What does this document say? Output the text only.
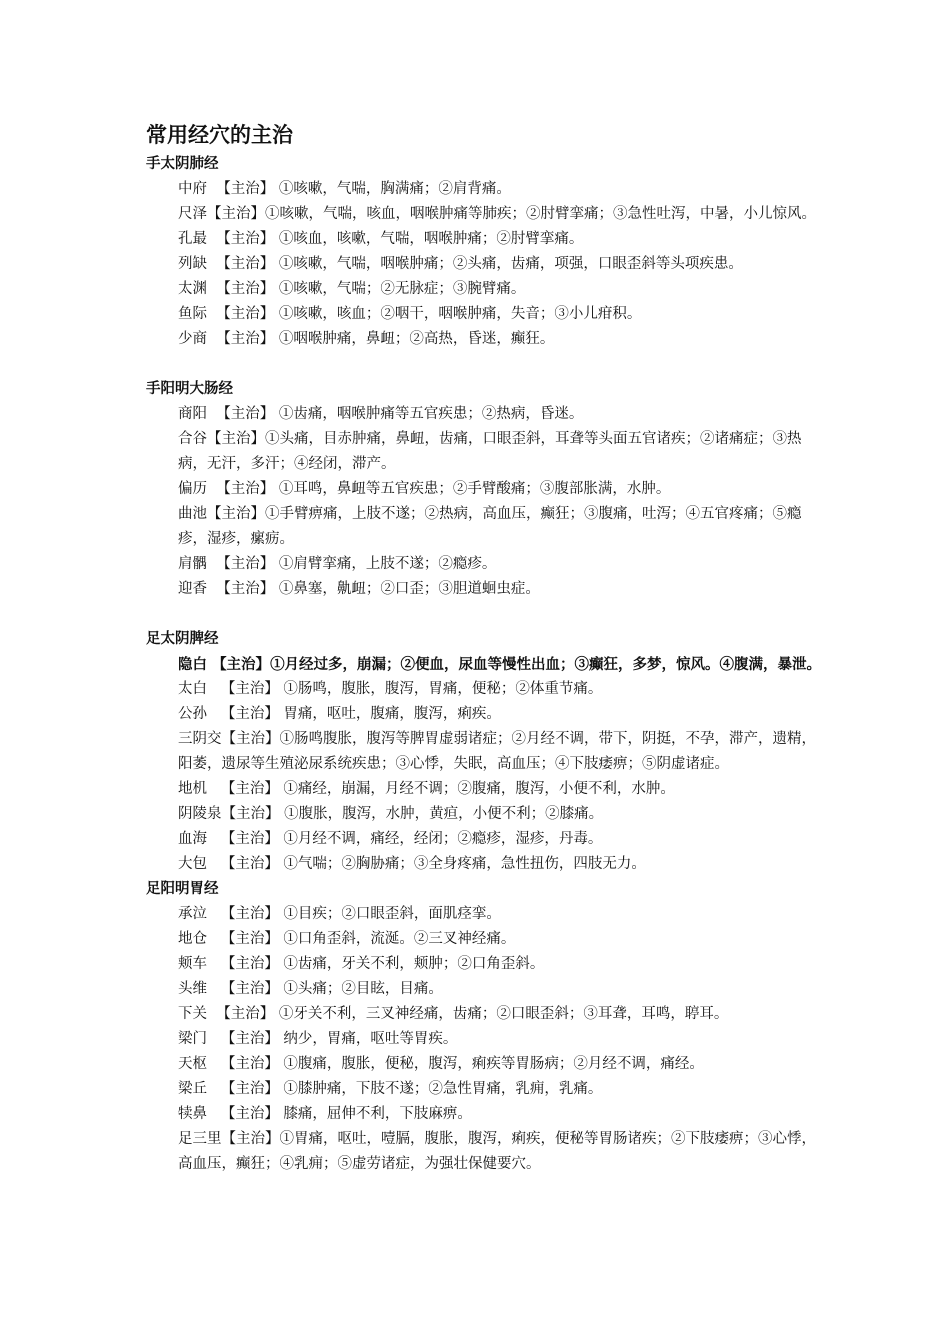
常用经穴的主治
手太阴肺经
中府 【主治】 ①咳嗽，气喘，胸满痛；②肩背痛。
尺泽【主治】①咳嗽，气喘，咳血，咽喉肿痛等肺疾；②肘臂挛痛；③急性吐泻，中暑，小儿惊风。
孔最 【主治】 ①咳血，咳嗽，气喘，咽喉肿痛；②肘臂挛痛。
列缺 【主治】 ①咳嗽，气喘，咽喉肿痛；②头痛，齿痛，项强，口眼歪斜等头项疾患。
太渊 【主治】 ①咳嗽，气喘；②无脉症；③腕臂痛。
鱼际 【主治】 ①咳嗽，咳血；②咽干，咽喉肿痛，失音；③小儿疳积。
少商 【主治】 ①咽喉肿痛，鼻衄；②高热，昏迷，癫狂。
手阳明大肠经
商阳 【主治】 ①齿痛，咽喉肿痛等五官疾患；②热病，昏迷。
合谷【主治】①头痛，目赤肿痛，鼻衄，齿痛，口眼歪斜，耳聋等头面五官诸疾；②诸痛症；③热病，无汗，多汗；④经闭，滞产。
偏历 【主治】 ①耳鸣，鼻衄等五官疾患；②手臂酸痛；③腹部胀满，水肿。
曲池【主治】①手臂痹痛，上肢不遂；②热病，高血压，癫狂；③腹痛，吐泻；④五官疼痛；⑤瘾疹，湿疹，瘰疬。
肩髃 【主治】 ①肩臂挛痛，上肢不遂；②瘾疹。
迎香 【主治】 ①鼻塞，鼽衄；②口歪；③胆道蛔虫症。
足太阴脾经
隐白 【主治】①月经过多，崩漏；②便血，尿血等慢性出血；③癫狂，多梦，惊风。④腹满，暴泄。
太白 【主治】 ①肠鸣，腹胀，腹泻，胃痛，便秘；②体重节痛。
公孙 【主治】 胃痛，呕吐，腹痛，腹泻，痢疾。
三阴交【主治】①肠鸣腹胀，腹泻等脾胃虚弱诸症；②月经不调，带下，阴挺，不孕，滞产，遗精，阳萎，遗尿等生殖泌尿系统疾患；③心悸，失眠，高血压；④下肢痿痹；⑤阴虚诸症。
地机 【主治】 ①痛经，崩漏，月经不调；②腹痛，腹泻，小便不利，水肿。
阴陵泉【主治】 ①腹胀，腹泻，水肿，黄疸，小便不利；②膝痛。
血海 【主治】 ①月经不调，痛经，经闭；②瘾疹，湿疹，丹毒。
大包 【主治】 ①气喘；②胸胁痛；③全身疼痛，急性扭伤，四肢无力。
足阳明胃经
承泣 【主治】 ①目疾；②口眼歪斜，面肌痉挛。
地仓 【主治】 ①口角歪斜，流涎。②三叉神经痛。
颊车 【主治】 ①齿痛，牙关不利，颊肿；②口角歪斜。
头维 【主治】 ①头痛；②目眩，目痛。
下关 【主治】 ①牙关不利，三叉神经痛，齿痛；②口眼歪斜；③耳聋，耳鸣，聤耳。
梁门 【主治】 纳少，胃痛，呕吐等胃疾。
天枢 【主治】 ①腹痛，腹胀，便秘，腹泻，痢疾等胃肠病；②月经不调，痛经。
梁丘 【主治】 ①膝肿痛，下肢不遂；②急性胃痛，乳痈，乳痛。
犊鼻 【主治】 膝痛，屈伸不利，下肢麻痹。
足三里【主治】①胃痛，呕吐，噎膈，腹胀，腹泻，痢疾，便秘等胃肠诸疾；②下肢痿痹；③心悸，高血压，癫狂；④乳痈；⑤虚劳诸症，为强壮保健要穴。
